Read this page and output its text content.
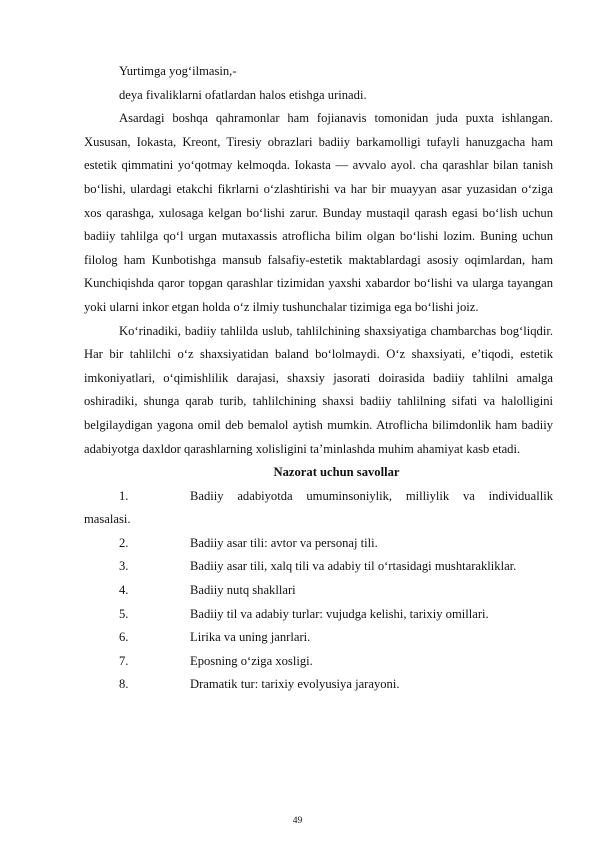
Yurtimga yog‘ilmasin,-
deya fivaliklarni ofatlardan halos etishga urinadi.
Asardagi boshqa qahramonlar ham fojianavis tomonidan juda puxta ishlangan. Xususan, Iokasta, Kreont, Tiresiy obrazlari badiiy barkamolligi tufayli hanuzgacha ham estetik qimmatini yo‘qotmay kelmoqda. Iokasta — avvalo ayol. cha qarashlar bilan tanish bo‘lishi, ulardagi etakchi fikrlarni o‘zlashtirishi va har bir muayyan asar yuzasidan o‘ziga xos qarashga, xulosaga kelgan bo‘lishi zarur. Bunday mustaqil qarash egasi bo‘lish uchun badiiy tahlilga qo‘l urgan mutaxassis atroflicha bilim olgan bo‘lishi lozim. Buning uchun filolog ham Kunbotishga mansub falsafiy-estetik maktablardagi asosiy oqimlardan, ham Kunchiqishda qaror topgan qarashlar tizimidan yaxshi xabardor bo‘lishi va ularga tayangan yoki ularni inkor etgan holda o‘z ilmiy tushunchalar tizimiga ega bo‘lishi joiz.
Ko‘rinadiki, badiiy tahlilda uslub, tahlilchining shaxsiyatiga chambarchas bog‘liqdir. Har bir tahlilchi o‘z shaxsiyatidan baland bo‘lolmaydi. O‘z shaxsiyati, e’tiqodi, estetik imkoniyatlari, o‘qimishlilik darajasi, shaxsiy jasorati doirasida badiiy tahlilni amalga oshiradiki, shunga qarab turib, tahlilchining shaxsi badiiy tahlilning sifati va halolligini belgilaydigan yagona omil deb bemalol aytish mumkin. Atroflicha bilimdonlik ham badiiy adabiyotga daxldor qarashlarning xolisligini ta’minlashda muhim ahamiyat kasb etadi.
Nazorat uchun savollar
1.	Badiiy adabiyotda umuminsoniylik, milliylik va individuallik
masalasi.
2.	Badiiy asar tili: avtor va personaj tili.
3.	Badiiy asar tili, xalq tili va adabiy til o‘rtasidagi mushtarakliklar.
4.	Badiiy nutq shakllari
5.	Badiiy til va adabiy turlar: vujudga kelishi, tarixiy omillari.
6.	Lirika va uning janrlari.
7.	Eposning o‘ziga xosligi.
8.	Dramatik tur: tarixiy evolyusiya jarayoni.
49
